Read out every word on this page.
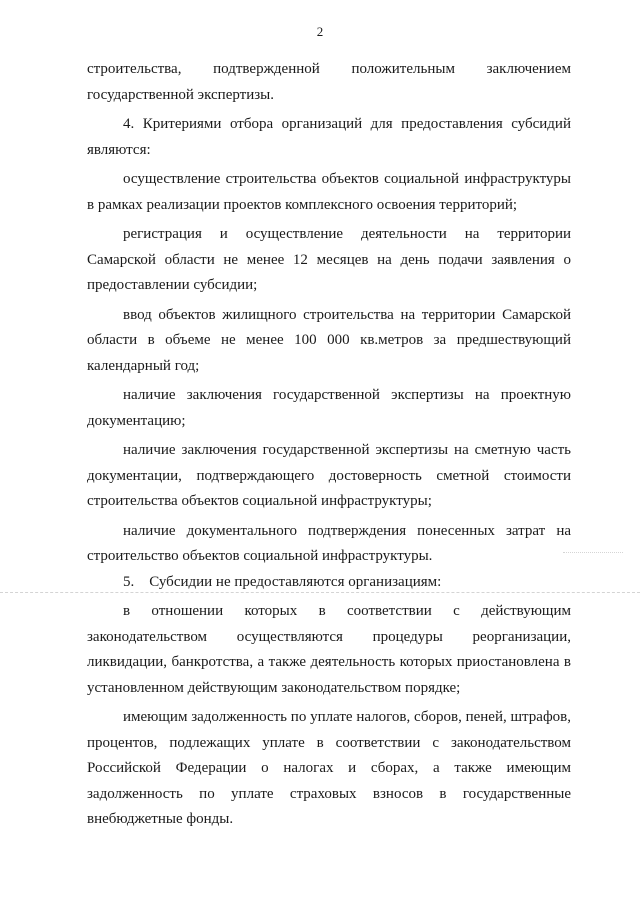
2

строительства, подтвержденной положительным заключением государственной экспертизы.

4. Критериями отбора организаций для предоставления субсидий являются:

осуществление строительства объектов социальной инфраструктуры в рамках реализации проектов комплексного освоения территорий;

регистрация и осуществление деятельности на территории Самарской области не менее 12 месяцев на день подачи заявления о предоставлении субсидии;

ввод объектов жилищного строительства на территории Самарской области в объеме не менее 100 000 кв.метров за предшествующий календарный год;

наличие заключения государственной экспертизы на проектную документацию;

наличие заключения государственной экспертизы на сметную часть документации, подтверждающего достоверность сметной стоимости строительства объектов социальной инфраструктуры;

наличие документального подтверждения понесенных затрат на строительство объектов социальной инфраструктуры.

5.    Субсидии не предоставляются организациям:

в отношении которых в соответствии с действующим законодательством осуществляются процедуры реорганизации, ликвидации, банкротства, а также деятельность которых приостановлена в установленном действующим законодательством порядке;

имеющим задолженность по уплате налогов, сборов, пеней, штрафов, процентов, подлежащих уплате в соответствии с законодательством Российской Федерации о налогах и сборах, а также имеющим задолженность по уплате страховых взносов в государственные внебюджетные фонды.
